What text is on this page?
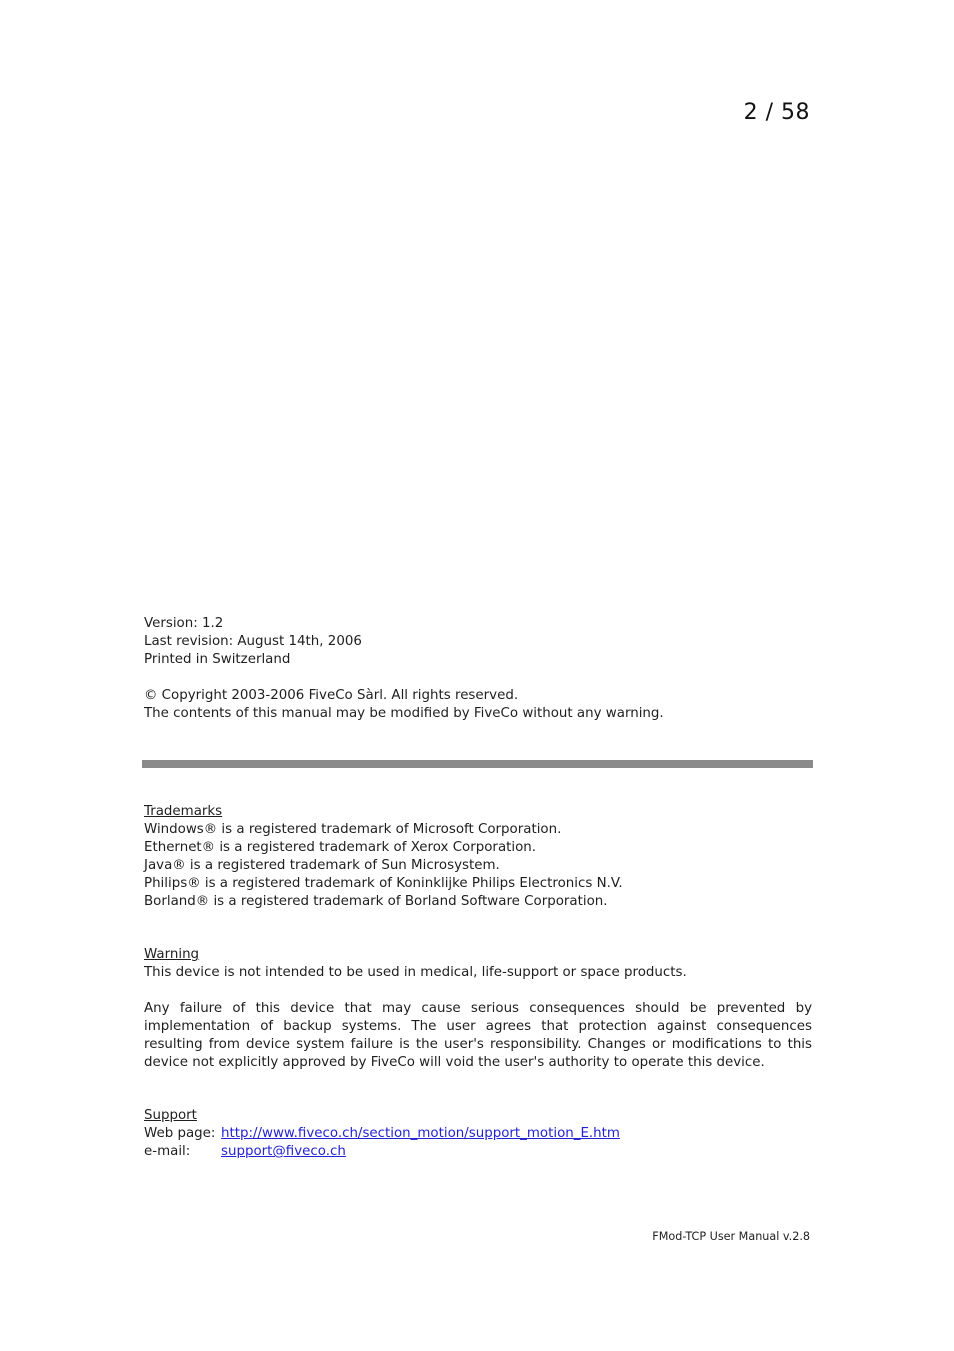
2 / 58
Version: 1.2
Last revision: August 14th, 2006
Printed in Switzerland
© Copyright 2003-2006 FiveCo Sàrl. All rights reserved.
The contents of this manual may be modified by FiveCo without any warning.
Trademarks
Windows® is a registered trademark of Microsoft Corporation.
Ethernet® is a registered trademark of Xerox Corporation.
Java® is a registered trademark of Sun Microsystem.
Philips® is a registered trademark of Koninklijke Philips Electronics N.V.
Borland® is a registered trademark of Borland Software Corporation.
Warning
This device is not intended to be used in medical, life-support or space products.
Any failure of this device that may cause serious consequences should be prevented by implementation of backup systems. The user agrees that protection against consequences resulting from device system failure is the user's responsibility. Changes or modifications to this device not explicitly approved by FiveCo will void the user's authority to operate this device.
Support
Web page: http://www.fiveco.ch/section_motion/support_motion_E.htm
e-mail:	support@fiveco.ch
FMod-TCP User Manual v.2.8
